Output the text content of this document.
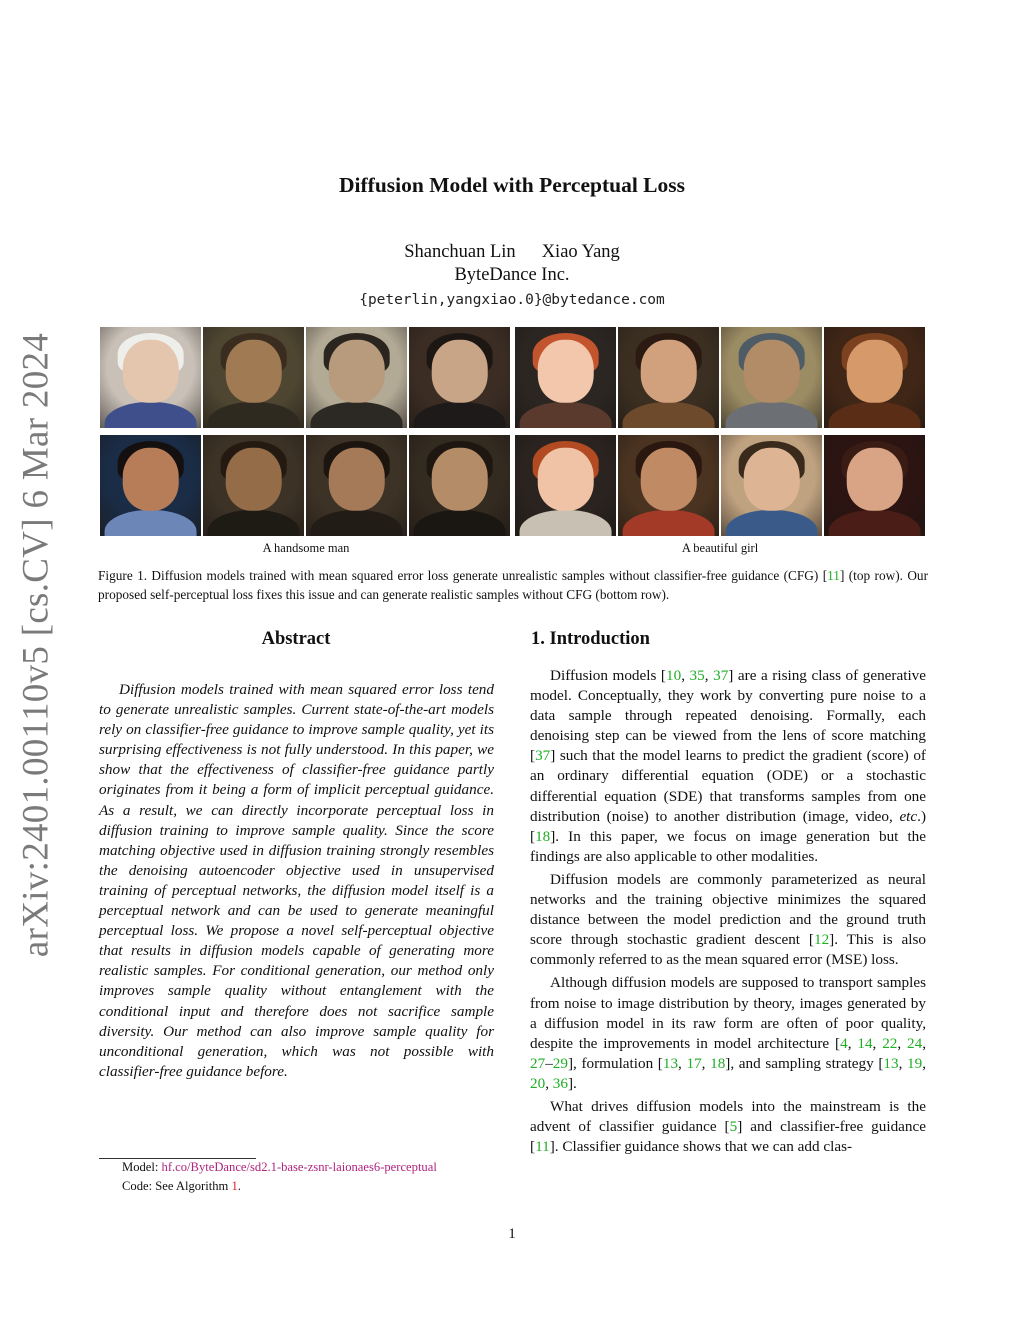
arXiv:2401.00110v5 [cs.CV] 6 Mar 2024
Diffusion Model with Perceptual Loss
Shanchuan Lin Xiao Yang
ByteDance Inc.
{peterlin,yangxiao.0}@bytedance.com
A handsome man	A beautiful girl
Figure 1. Diffusion models trained with mean squared error loss generate unrealistic samples without classifier-free guidance (CFG) [11] (top row). Our proposed self-perceptual loss fixes this issue and can generate realistic samples without CFG (bottom row).
Abstract
Diffusion models trained with mean squared error loss tend to generate unrealistic samples. Current state-of-the-art models rely on classifier-free guidance to improve sample quality, yet its surprising effectiveness is not fully understood. In this paper, we show that the effectiveness of classifier-free guidance partly originates from it being a form of implicit perceptual guidance. As a result, we can directly incorporate perceptual loss in diffusion training to improve sample quality. Since the score matching objective used in diffusion training strongly resembles the denoising autoencoder objective used in unsupervised training of perceptual networks, the diffusion model itself is a perceptual network and can be used to generate meaningful perceptual loss. We propose a novel self-perceptual objective that results in diffusion models capable of generating more realistic samples. For conditional generation, our method only improves sample quality without entanglement with the conditional input and therefore does not sacrifice sample diversity. Our method can also improve sample quality for unconditional generation, which was not possible with classifier-free guidance before.
1. Introduction

Diffusion models [10, 35, 37] are a rising class of generative model. Conceptually, they work by converting pure noise to a data sample through repeated denoising. Formally, each denoising step can be viewed from the lens of score matching [37] such that the model learns to predict the gradient (score) of an ordinary differential equation (ODE) or a stochastic differential equation (SDE) that transforms samples from one distribution (noise) to another distribution (image, video, etc.) [18]. In this paper, we focus on image generation but the findings are also applicable to other modalities.

Diffusion models are commonly parameterized as neural networks and the training objective minimizes the squared distance between the model prediction and the ground truth score through stochastic gradient descent [12]. This is also commonly referred to as the mean squared error (MSE) loss.

Although diffusion models are supposed to transport samples from noise to image distribution by theory, images generated by a diffusion model in its raw form are often of poor quality, despite the improvements in model architecture [4, 14, 22, 24, 27–29], formulation [13, 17, 18], and sampling strategy [13, 19, 20, 36].

What drives diffusion models into the mainstream is the advent of classifier guidance [5] and classifier-free guidance [11]. Classifier guidance shows that we can add clas-

Model: hf.co/ByteDance/sd2.1-base-zsnr-laionaes6-perceptual
Code: See Algorithm 1.
1
